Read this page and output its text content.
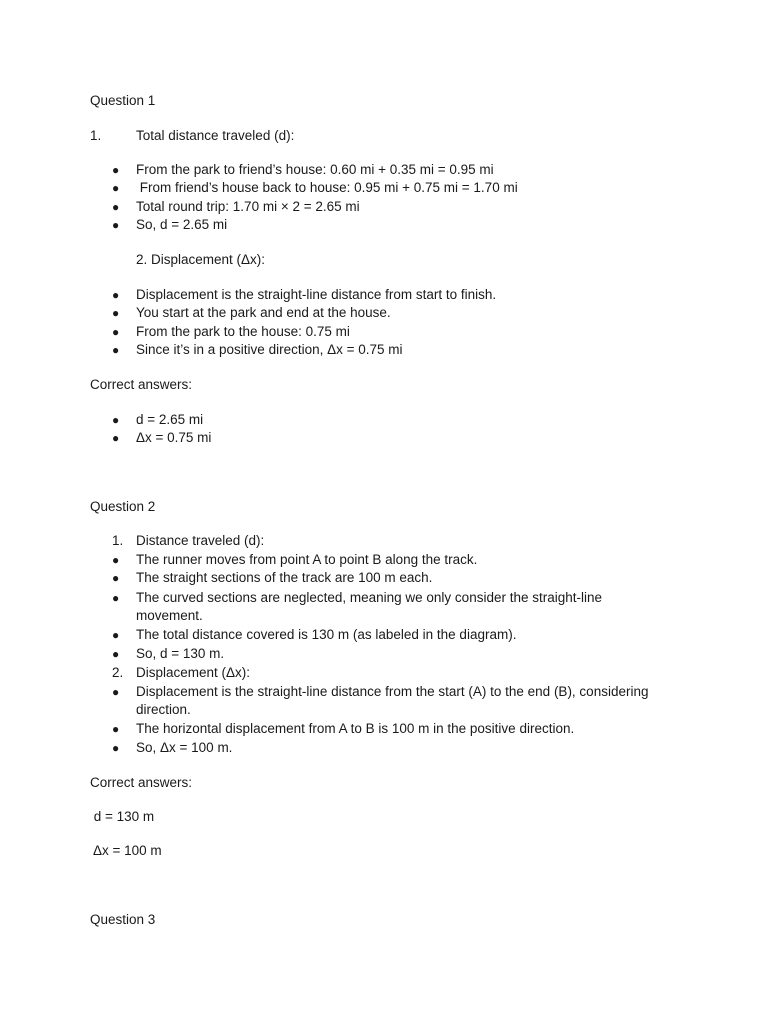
Question 1
1.	Total distance traveled (d):
● From the park to friend’s house: 0.60 mi + 0.35 mi = 0.95 mi
● From friend’s house back to house: 0.95 mi + 0.75 mi = 1.70 mi
● Total round trip: 1.70 mi × 2 = 2.65 mi
● So, d = 2.65 mi
2. Displacement (Δx):
● Displacement is the straight-line distance from start to finish.
● You start at the park and end at the house.
● From the park to the house: 0.75 mi
● Since it’s in a positive direction, Δx = 0.75 mi
Correct answers:
● d = 2.65 mi
● Δx = 0.75 mi
Question 2
1. Distance traveled (d):
● The runner moves from point A to point B along the track.
● The straight sections of the track are 100 m each.
● The curved sections are neglected, meaning we only consider the straight-line
movement.
● The total distance covered is 130 m (as labeled in the diagram).
● So, d = 130 m.
2. Displacement (Δx):
● Displacement is the straight-line distance from the start (A) to the end (B), considering
direction.
● The horizontal displacement from A to B is 100 m in the positive direction.
● So, Δx = 100 m.
Correct answers:
d = 130 m
Δx = 100 m
Question 3
